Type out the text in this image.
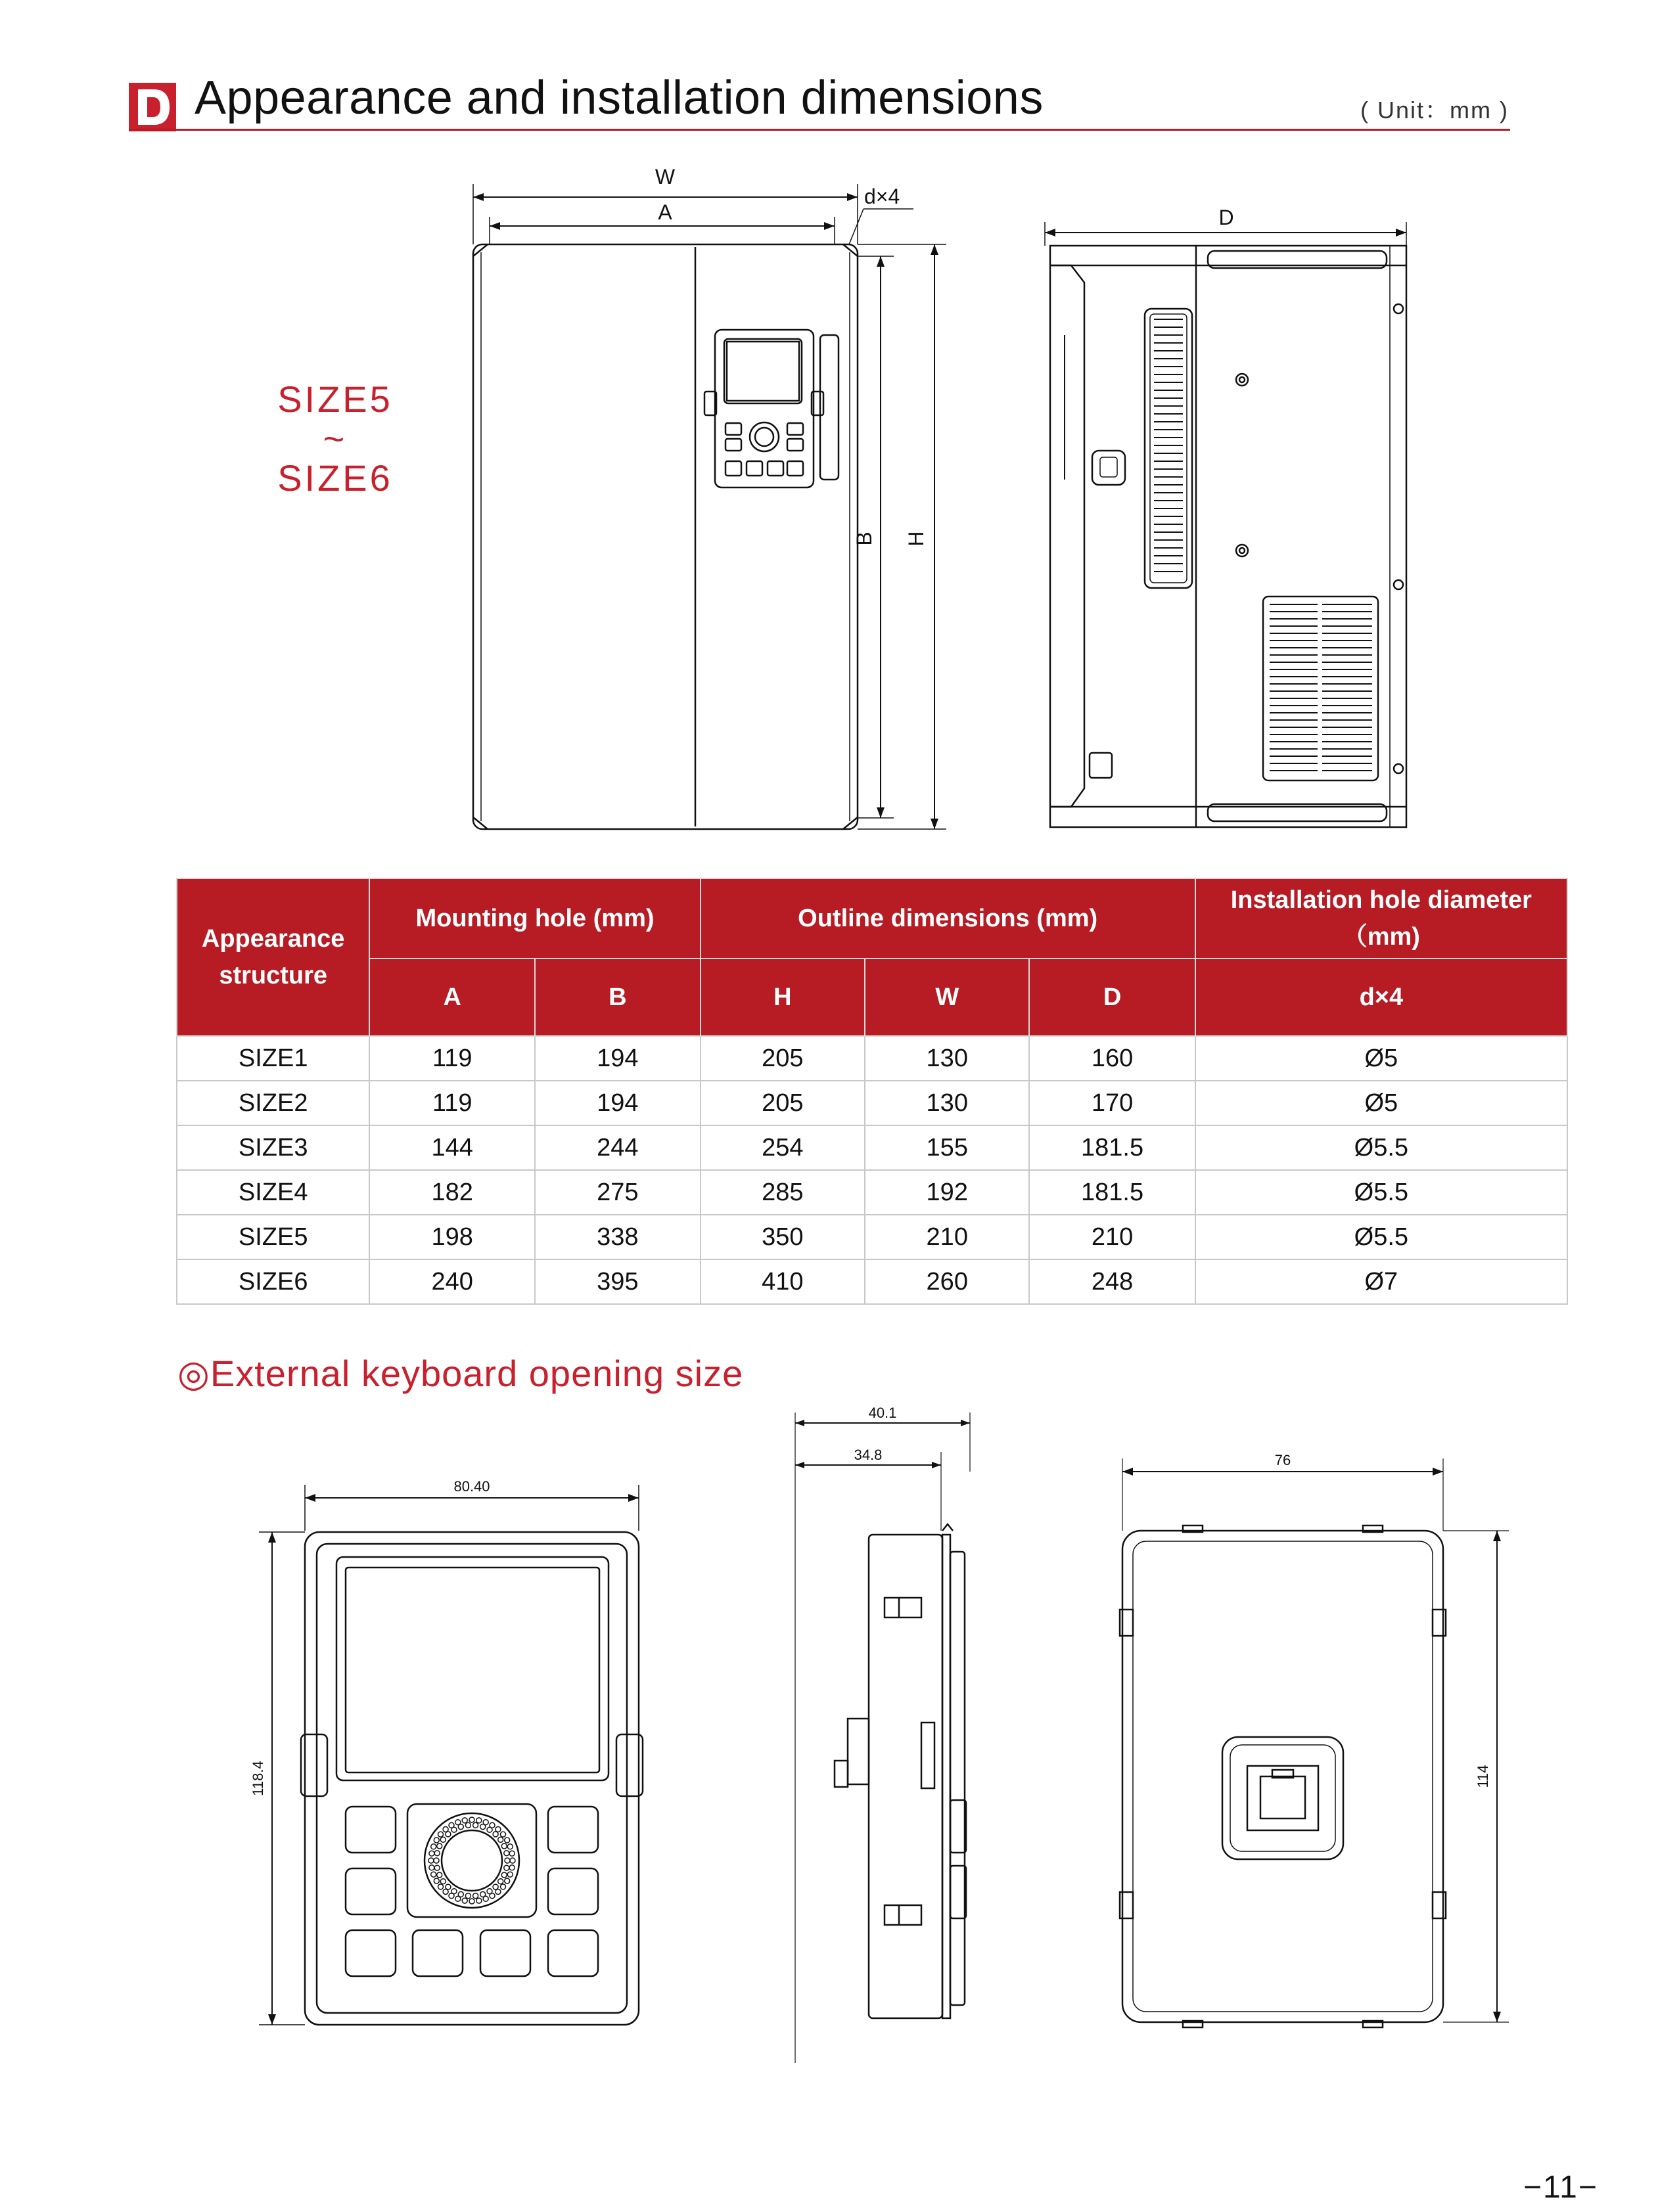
Appearance and installation dimensions	( Unit：mm )
SIZE5
~
SIZE6
W
A
d×4
B H
D
Appearance structure	Mounting hole (mm)		Outline dimensions (mm)			Installation hole diameter（mm)
	A	B	H	W	D	d×4
SIZE1	119	194	205	130	160	Ø5
SIZE2	119	194	205	130	170	Ø5
SIZE3	144	244	254	155	181.5	Ø5.5
SIZE4	182	275	285	192	181.5	Ø5.5
SIZE5	198	338	350	210	210	Ø5.5
SIZE6	240	395	410	260	248	Ø7
◎External keyboard opening size
80.40
118.4
40.1
34.8	76
114
−11−
